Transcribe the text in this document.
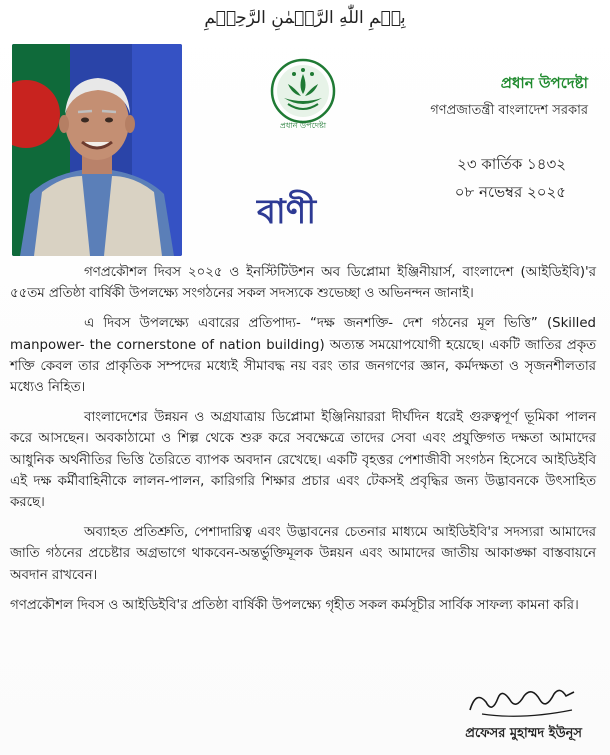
بِسۡمِ اللّٰهِ الرَّحۡمٰنِ الرَّحِیۡمِ
প্রধান উপদেষ্টা
প্রধান উপদেষ্টা
গণপ্রজাতন্ত্রী বাংলাদেশ সরকার
২৩ কার্তিক ১৪৩২
০৮ নভেম্বর ২০২৫
বাণী

গণপ্রকৌশল দিবস ২০২৫ ও ইনস্টিটিউশন অব ডিপ্লোমা ইঞ্জিনীয়ার্স, বাংলাদেশ (আইডিইবি)'র ৫৫তম প্রতিষ্ঠা বার্ষিকী উপলক্ষ্যে সংগঠনের সকল সদস্যকে শুভেচ্ছা ও অভিনন্দন জানাই।

এ দিবস উপলক্ষ্যে এবারের প্রতিপাদ্য- “দক্ষ জনশক্তি- দেশ গঠনের মূল ভিত্তি” (Skilled manpower- the cornerstone of nation building) অত্যন্ত সময়োপযোগী হয়েছে। একটি জাতির প্রকৃত শক্তি কেবল তার প্রাকৃতিক সম্পদের মধ্যেই সীমাবদ্ধ নয় বরং তার জনগণের জ্ঞান, কর্মদক্ষতা ও সৃজনশীলতার মধ্যেও নিহিত।

বাংলাদেশের উন্নয়ন ও অগ্রযাত্রায় ডিপ্লোমা ইঞ্জিনিয়াররা দীর্ঘদিন ধরেই গুরুত্বপূর্ণ ভূমিকা পালন করে আসছেন। অবকাঠামো ও শিল্প থেকে শুরু করে সবক্ষেত্রে তাদের সেবা এবং প্রযুক্তিগত দক্ষতা আমাদের আধুনিক অর্থনীতির ভিত্তি তৈরিতে ব্যাপক অবদান রেখেছে। একটি বৃহত্তর পেশাজীবী সংগঠন হিসেবে আইডিইবি এই দক্ষ কর্মীবাহিনীকে লালন-পালন, কারিগরি শিক্ষার প্রচার এবং টেকসই প্রবৃদ্ধির জন্য উদ্ভাবনকে উৎসাহিত করছে।

অব্যাহত প্রতিশ্রুতি, পেশাদারিত্ব এবং উদ্ভাবনের চেতনার মাধ্যমে আইডিইবি'র সদস্যরা আমাদের জাতি গঠনের প্রচেষ্টার অগ্রভাগে থাকবেন-অন্তর্ভুক্তিমূলক উন্নয়ন এবং আমাদের জাতীয় আকাঙ্ক্ষা বাস্তবায়নে অবদান রাখবেন।

গণপ্রকৌশল দিবস ও আইডিইবি'র প্রতিষ্ঠা বার্ষিকী উপলক্ষ্যে গৃহীত সকল কর্মসূচীর সার্বিক সাফল্য কামনা করি।

প্রফেসর মুহাম্মদ ইউনূস
